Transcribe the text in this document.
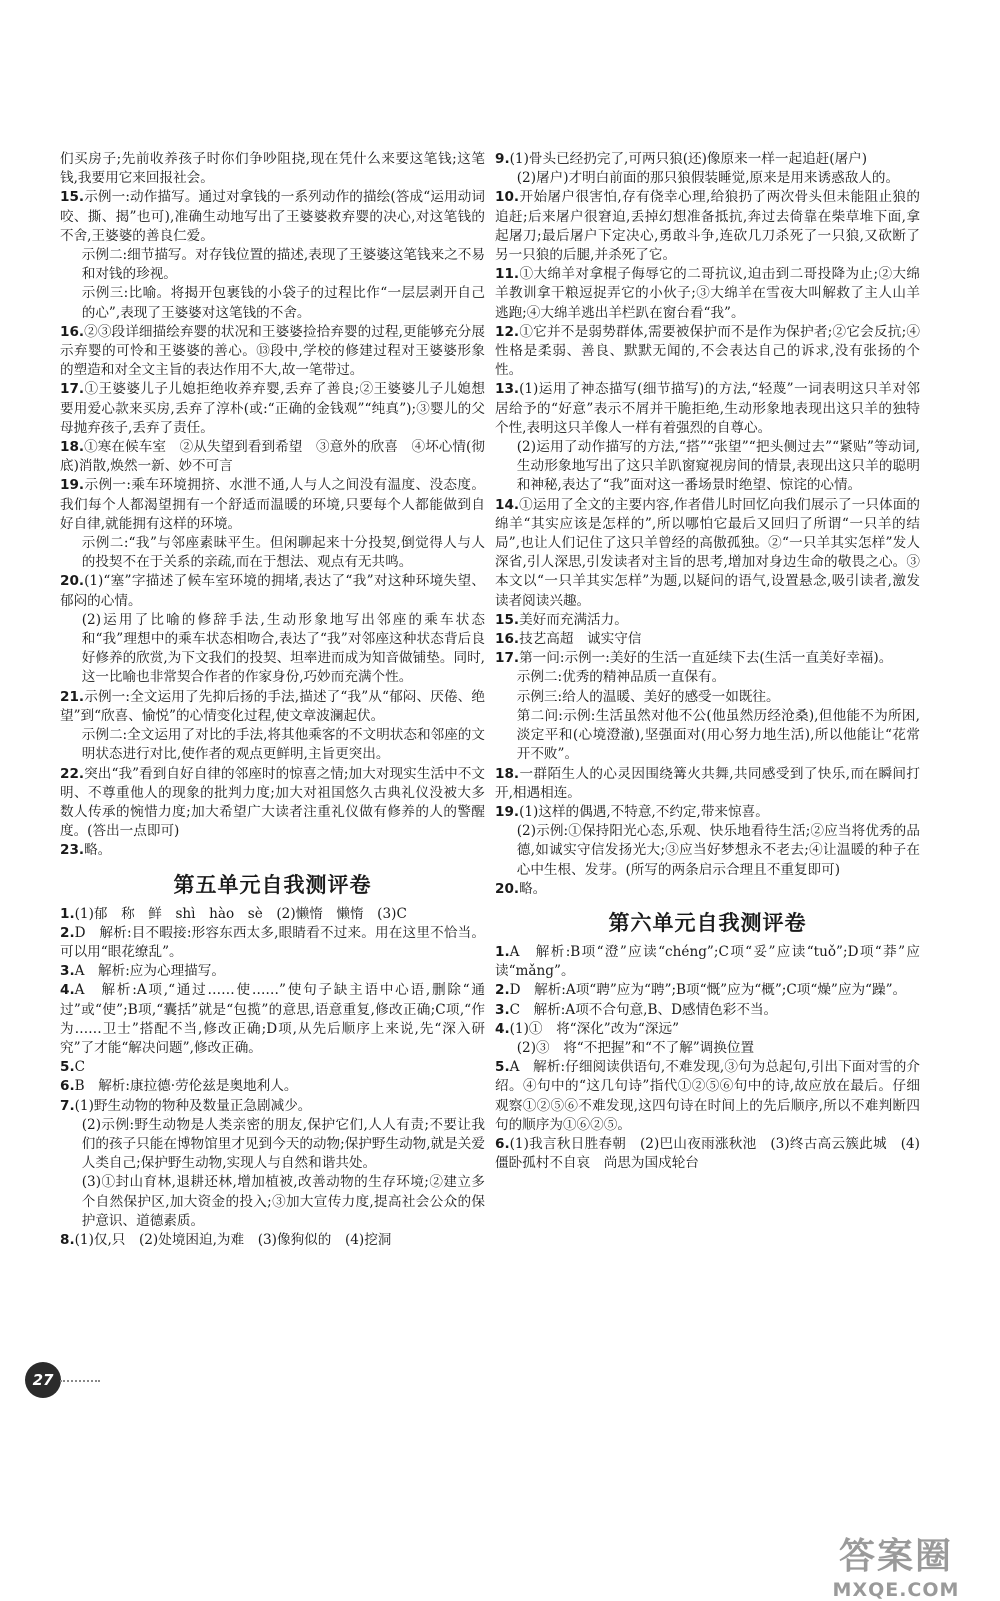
们买房子;先前收养孩子时你们争吵阻挠,现在凭什么来要这笔钱;这笔钱,我要用它来回报社会。
15.示例一:动作描写。通过对拿钱的一系列动作的描绘(答成“运用动词咬、撕、揭”也可),准确生动地写出了王婆婆救弃婴的决心,对这笔钱的不舍,王婆婆的善良仁爱。
示例二:细节描写。对存钱位置的描述,表现了王婆婆这笔钱来之不易和对钱的珍视。
示例三:比喻。将揭开包裹钱的小袋子的过程比作“一层层剥开自己的心”,表现了王婆婆对这笔钱的不舍。
16.②③段详细描绘弃婴的状况和王婆婆捡拾弃婴的过程,更能够充分展示弃婴的可怜和王婆婆的善心。⑬段中,学校的修建过程对王婆婆形象的塑造和对全文主旨的表达作用不大,故一笔带过。
17.①王婆婆儿子儿媳拒绝收养弃婴,丢弃了善良;②王婆婆儿子儿媳想要用爱心款来买房,丢弃了淳朴(或:“正确的金钱观”“纯真”);③婴儿的父母抛弃孩子,丢弃了责任。
18.①寒在候车室　②从失望到看到希望　③意外的欣喜　④坏心情(彻底)消散,焕然一新、妙不可言
19.示例一:乘车环境拥挤、水泄不通,人与人之间没有温度、没态度。我们每个人都渴望拥有一个舒适而温暖的环境,只要每个人都能做到自好自律,就能拥有这样的环境。
示例二:“我”与邻座素昧平生。但闲聊起来十分投契,倒觉得人与人的投契不在于关系的亲疏,而在于想法、观点有无共鸣。
20.(1)“塞”字描述了候车室环境的拥堵,表达了“我”对这种环境失望、郁闷的心情。
(2)运用了比喻的修辞手法,生动形象地写出邻座的乘车状态和“我”理想中的乘车状态相吻合,表达了“我”对邻座这种状态背后良好修养的欣赏,为下文我们的投契、坦率进而成为知音做铺垫。同时,这一比喻也非常契合作者的作家身份,巧妙而充满个性。
21.示例一:全文运用了先抑后扬的手法,描述了“我”从“郁闷、厌倦、绝望”到“欣喜、愉悦”的心情变化过程,使文章波澜起伏。
示例二:全文运用了对比的手法,将其他乘客的不文明状态和邻座的文明状态进行对比,使作者的观点更鲜明,主旨更突出。
22.突出“我”看到自好自律的邻座时的惊喜之情;加大对现实生活中不文明、不尊重他人的现象的批判力度;加大对祖国悠久古典礼仪没被大多数人传承的惋惜力度;加大希望广大读者注重礼仪做有修养的人的警醒度。(答出一点即可)
23.略。
第五单元自我测评卷
1.(1)郁　称　鲜　shì　hào　sè　(2)懒惰　懒惰　(3)C
2.D　解析:目不暇接:形容东西太多,眼睛看不过来。用在这里不恰当。可以用“眼花缭乱”。
3.A　解析:应为心理描写。
4.A　解析:A项,“通过……使……”使句子缺主语中心语,删除“通过”或“使”;B项,“囊括”就是“包揽”的意思,语意重复,修改正确;C项,“作为……卫士”搭配不当,修改正确;D项,从先后顺序上来说,先“深入研究”了才能“解决问题”,修改正确。
5.C
6.B　解析:康拉德·劳伦兹是奥地利人。
7.(1)野生动物的物种及数量正急剧减少。
(2)示例:野生动物是人类亲密的朋友,保护它们,人人有责;不要让我们的孩子只能在博物馆里才见到今天的动物;保护野生动物,就是关爱人类自己;保护野生动物,实现人与自然和谐共处。
(3)①封山育林,退耕还林,增加植被,改善动物的生存环境;②建立多个自然保护区,加大资金的投入;③加大宣传力度,提高社会公众的保护意识、道德素质。
8.(1)仅,只　(2)处境困迫,为难　(3)像狗似的　(4)挖洞
9.(1)骨头已经扔完了,可两只狼(还)像原来一样一起追赶(屠户)
(2)屠户)才明白前面的那只狼假装睡觉,原来是用来诱惑敌人的。
10.开始屠户很害怕,存有侥幸心理,给狼扔了两次骨头但未能阻止狼的追赶;后来屠户很窘迫,丢掉幻想准备抵抗,奔过去倚靠在柴草堆下面,拿起屠刀;最后屠户下定决心,勇敢斗争,连砍几刀杀死了一只狼,又砍断了另一只狼的后腿,并杀死了它。
11.①大绵羊对拿棍子侮辱它的二哥抗议,迫击到二哥投降为止;②大绵羊教训拿干粮逗捉弄它的小伙子;③大绵羊在雪夜大叫解救了主人山羊逃跑;④大绵羊逃出羊栏趴在窗台看“我”。
12.①它并不是弱势群体,需要被保护而不是作为保护者;②它会反抗;④性格是柔弱、善良、默默无闻的,不会表达自己的诉求,没有张扬的个性。
13.(1)运用了神态描写(细节描写)的方法,“轻蔑”一词表明这只羊对邻居给予的“好意”表示不屑并干脆拒绝,生动形象地表现出这只羊的独特个性,表明这只羊像人一样有着强烈的自尊心。
(2)运用了动作描写的方法,“搭”“张望”“把头侧过去”“紧贴”等动词,生动形象地写出了这只羊趴窗窥视房间的情景,表现出这只羊的聪明和神秘,表达了“我”面对这一番场景时绝望、惊诧的心情。
14.①运用了全文的主要内容,作者借儿时回忆向我们展示了一只体面的绵羊“其实应该是怎样的”,所以哪怕它最后又回归了所谓“一只羊的结局”,也让人们记住了这只羊曾经的高傲孤独。②“一只羊其实怎样”发人深省,引人深思,引发读者对主旨的思考,增加对身边生命的敬畏之心。③本文以“一只羊其实怎样”为题,以疑问的语气,设置悬念,吸引读者,激发读者阅读兴趣。
15.美好而充满活力。
16.技艺高超　诚实守信
17.第一问:示例一:美好的生活一直延续下去(生活一直美好幸福)。
示例二:优秀的精神品质一直保有。
示例三:给人的温暖、美好的感受一如既往。
第二问:示例:生活虽然对他不公(他虽然历经沧桑),但他能不为所困,淡定平和(心境澄澈),坚强面对(用心努力地生活),所以他能让“花常开不败”。
18.一群陌生人的心灵因围绕篝火共舞,共同感受到了快乐,而在瞬间打开,相遇相连。
19.(1)这样的偶遇,不特意,不约定,带来惊喜。
(2)示例:①保持阳光心态,乐观、快乐地看待生活;②应当将优秀的品德,如诚实守信发扬光大;③应当好梦想永不老去;④让温暖的种子在心中生根、发芽。(所写的两条启示合理且不重复即可)
20.略。
第六单元自我测评卷
1.A　解析:B项“澄”应读“chéng”;C项“妥”应读“tuǒ”;D项“莽”应读“mǎng”。
2.D　解析:A项“聘”应为“聘”;B项“慨”应为“概”;C项“燥”应为“躁”。
3.C　解析:A项不合句意,B、D感情色彩不当。
4.(1)①　将“深化”改为“深远”
(2)③　将“不把握”和“不了解”调换位置
5.A　解析:仔细阅读供语句,不难发现,③句为总起句,引出下面对雪的介绍。④句中的“这几句诗”指代①②⑤⑥句中的诗,故应放在最后。仔细观察①②⑤⑥不难发现,这四句诗在时间上的先后顺序,所以不难判断四句的顺序为①⑥②⑤。
6.(1)我言秋日胜春朝　(2)巴山夜雨涨秋池　(3)终古高云簇此城　(4)僵卧孤村不自哀　尚思为国戍轮台
27
答案圈
MXQE.COM
